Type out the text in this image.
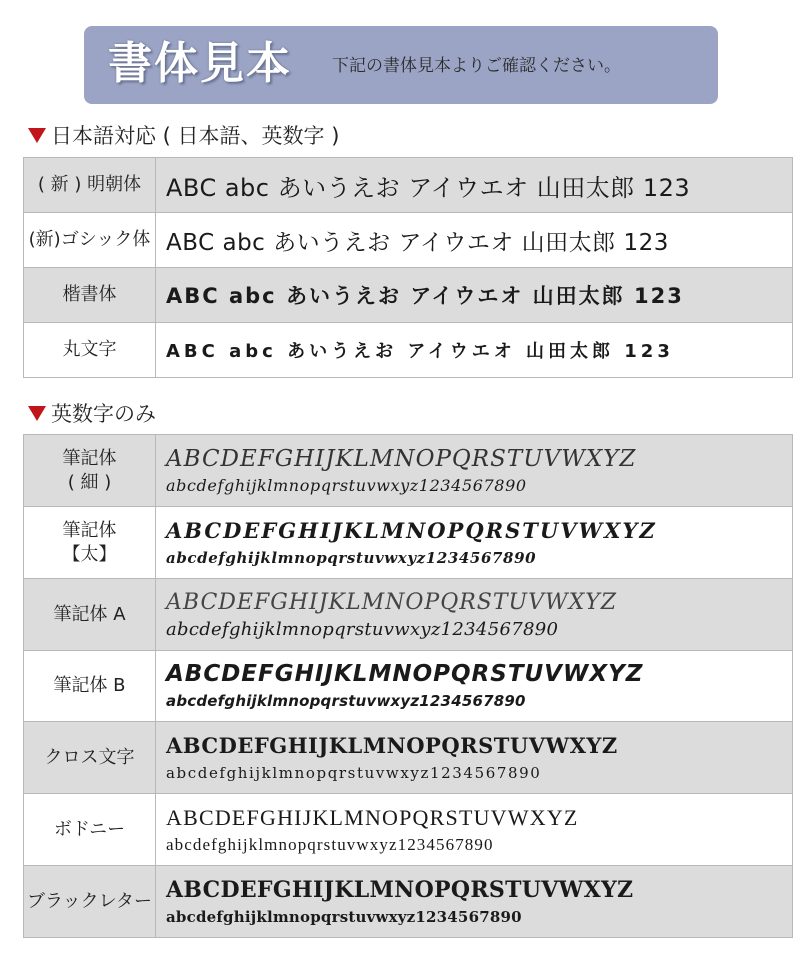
書体見本 下記の書体見本よりご確認ください。
日本語対応 ( 日本語、英数字 )
( 新 ) 明朝体	ABC abc あいうえお アイウエオ 山田太郎 123
(新)ゴシック体	ABC abc あいうえお アイウエオ 山田太郎 123
楷書体	ABC abc あいうえお アイウエオ 山田太郎 123
丸文字	ABC abc あいうえお アイウエオ 山田太郎 123
英数字のみ
筆記体
( 細 )	ABCDEFGHIJKLMNOPQRSTUVWXYZ
abcdefghijklmnopqrstuvwxyz1234567890

筆記体
【太】	ABCDEFGHIJKLMNOPQRSTUVWXYZ
abcdefghijklmnopqrstuvwxyz1234567890

筆記体 A	ABCDEFGHIJKLMNOPQRSTUVWXYZ
abcdefghijklmnopqrstuvwxyz1234567890

筆記体 B	ABCDEFGHIJKLMNOPQRSTUVWXYZ
abcdefghijklmnopqrstuvwxyz1234567890

クロス文字	ABCDEFGHIJKLMNOPQRSTUVWXYZ
abcdefghijklmnopqrstuvwxyz1234567890

ボドニー	ABCDEFGHIJKLMNOPQRSTUVWXYZ
abcdefghijklmnopqrstuvwxyz1234567890

ブラックレター	ABCDEFGHIJKLMNOPQRSTUVWXYZ
abcdefghijklmnopqrstuvwxyz1234567890
